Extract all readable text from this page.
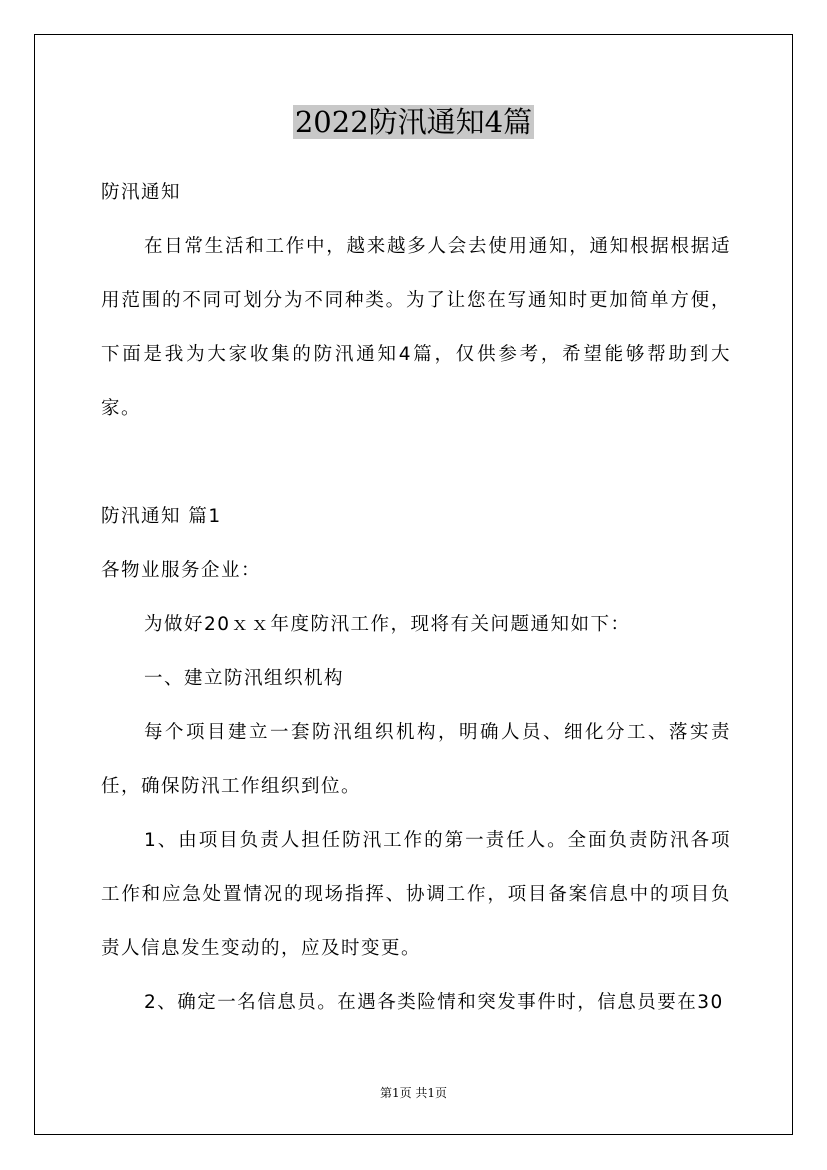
2022防汛通知4篇

防汛通知

在日常生活和工作中，越来越多人会去使用通知，通知根据根据适用范围的不同可划分为不同种类。为了让您在写通知时更加简单方便，下面是我为大家收集的防汛通知4篇，仅供参考，希望能够帮助到大家。

防汛通知 篇1

各物业服务企业：

为做好20ｘｘ年度防汛工作，现将有关问题通知如下：

一、建立防汛组织机构

每个项目建立一套防汛组织机构，明确人员、细化分工、落实责任，确保防汛工作组织到位。

1、由项目负责人担任防汛工作的第一责任人。全面负责防汛各项工作和应急处置情况的现场指挥、协调工作，项目备案信息中的项目负责人信息发生变动的，应及时变更。

2、确定一名信息员。在遇各类险情和突发事件时，信息员要在30

第1页 共1页
